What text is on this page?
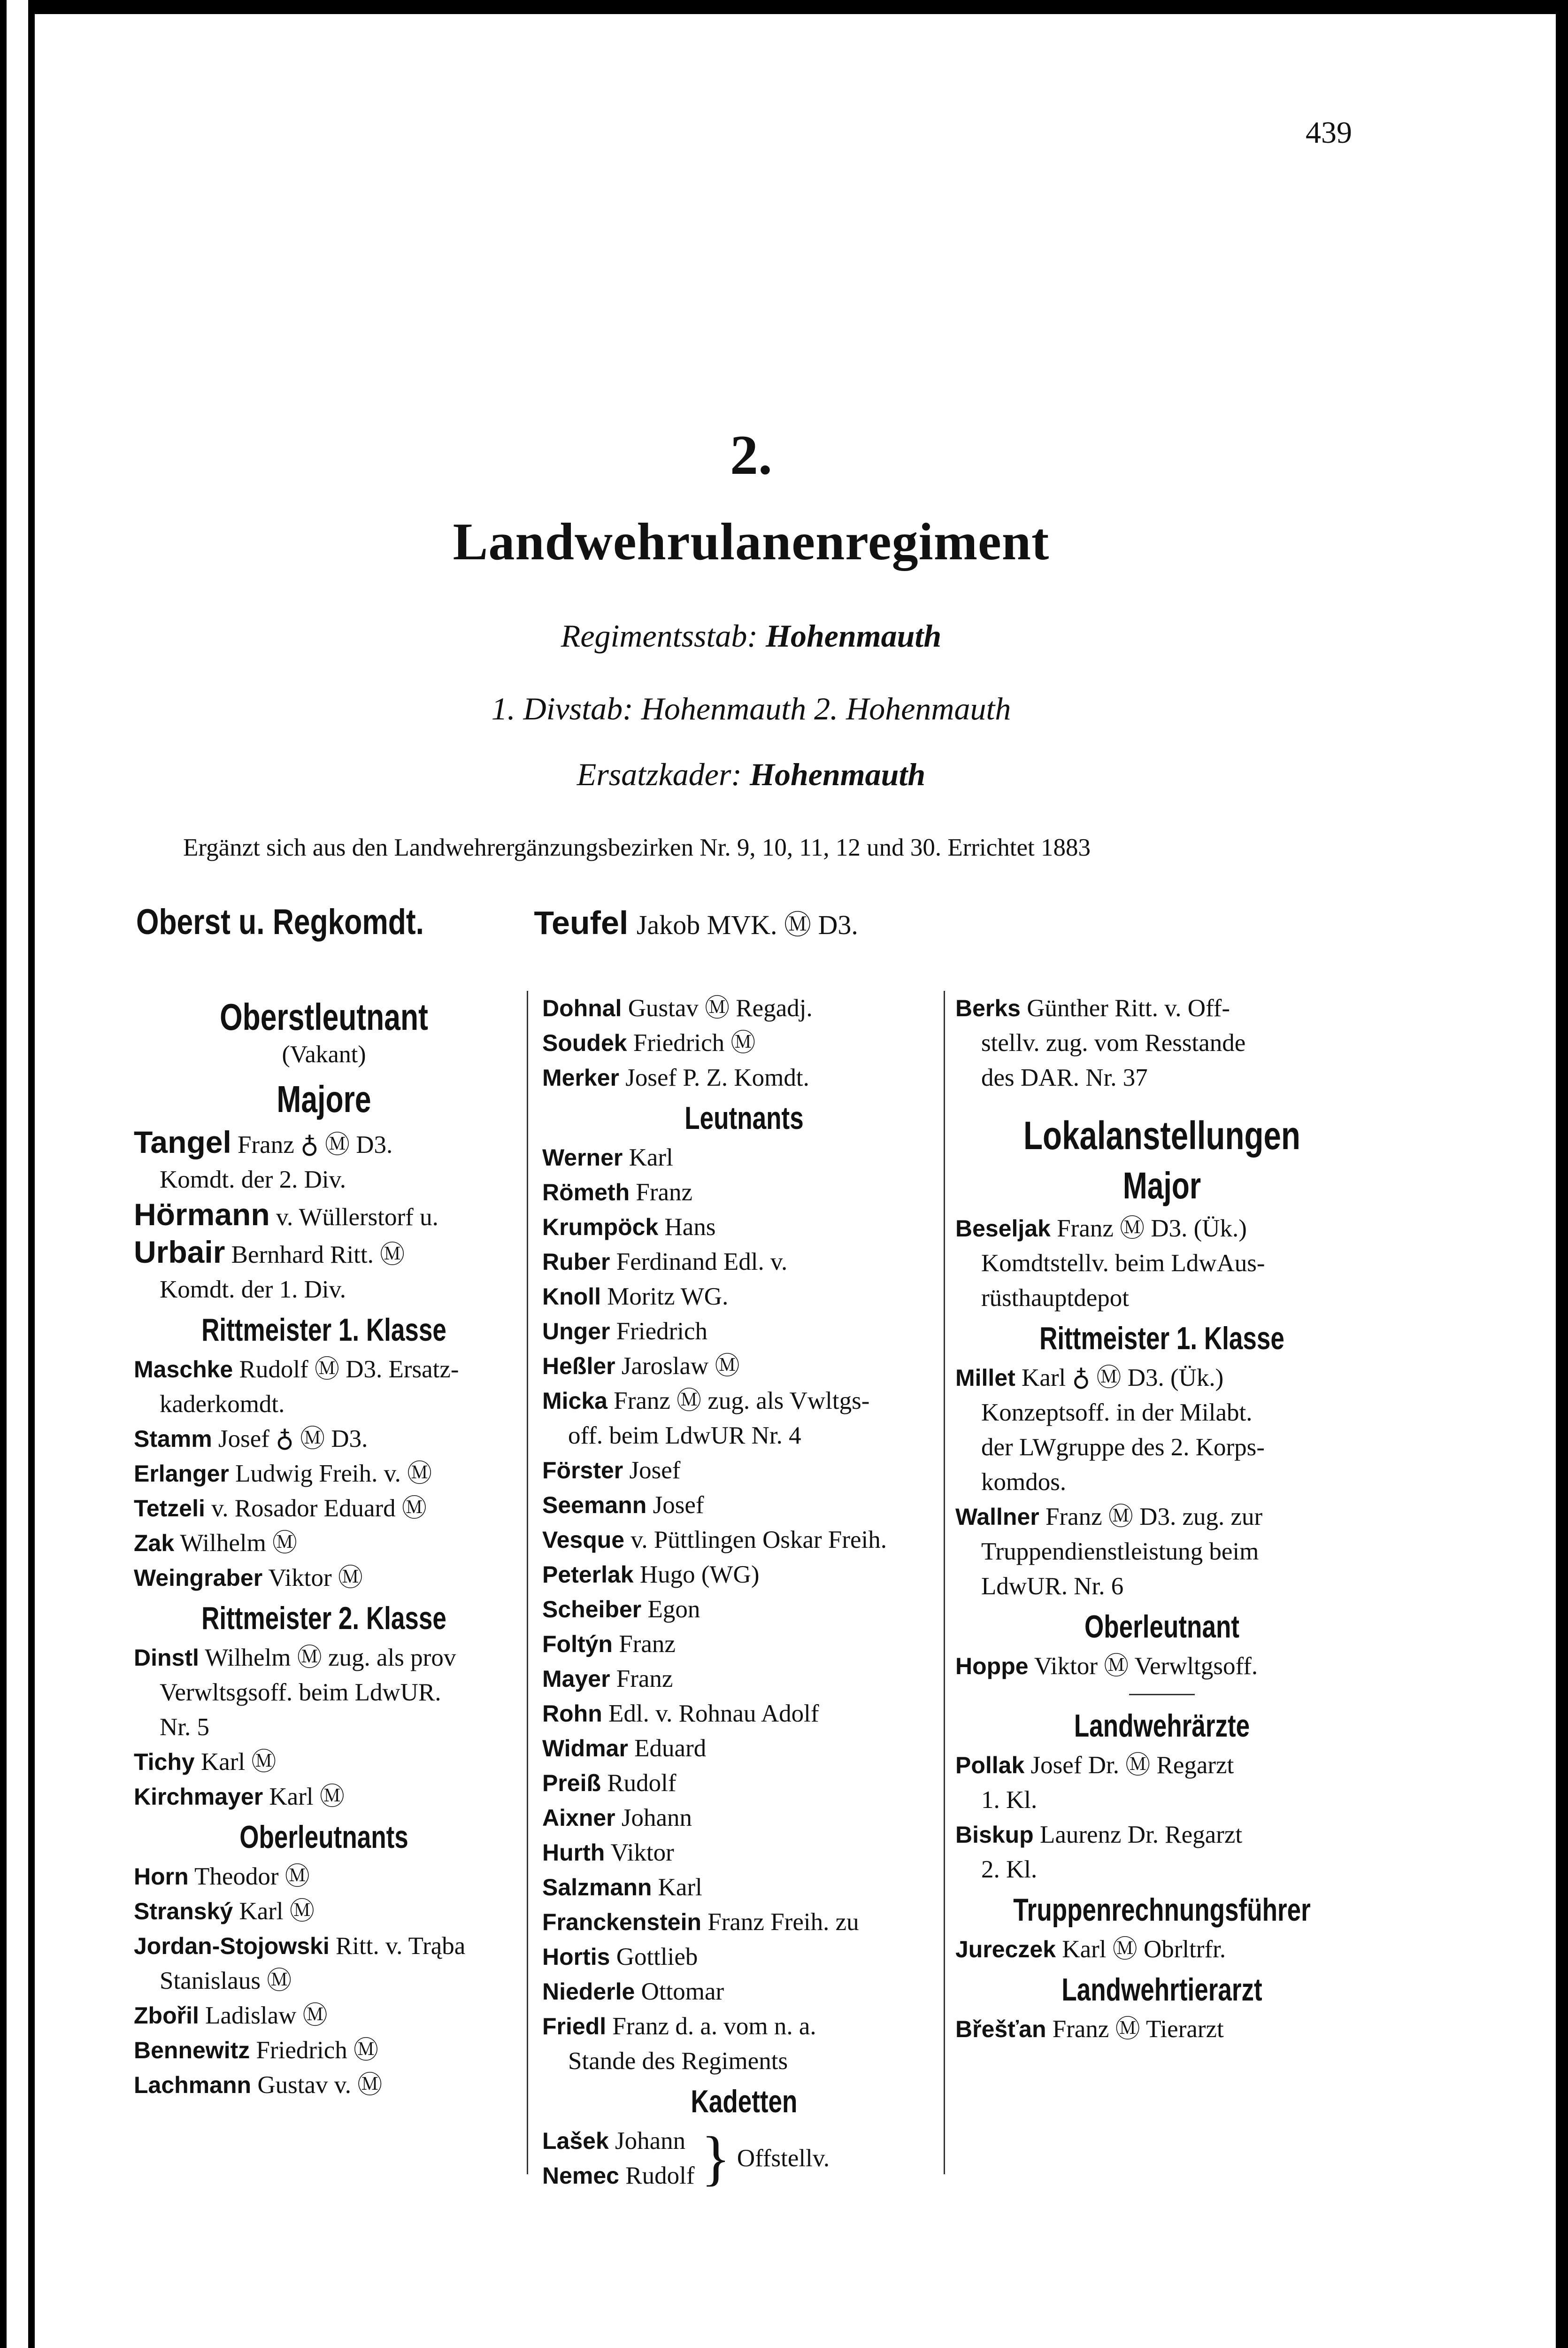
439
2.
Landwehrulanenregiment
Regimentsstab: Hohenmauth
1. Divstab: Hohenmauth 2. Hohenmauth
Ersatzkader: Hohenmauth
Ergänzt sich aus den Landwehrergänzungsbezirken Nr. 9, 10, 11, 12 und 30. Errichtet 1883
Oberst u. Regkomdt.	Teufel Jakob MVK. Ⓜ D3.
Oberstleutnant
(Vakant)
Majore
Tangel Franz ♁ Ⓜ D3.
Komdt. der 2. Div.
Hörmann v. Wüllerstorf u.
Urbair Bernhard Ritt. Ⓜ
Komdt. der 1. Div.
Rittmeister 1. Klasse
Maschke Rudolf Ⓜ D3. Ersatz-
kaderkomdt.
Stamm Josef ♁ Ⓜ D3.
Erlanger Ludwig Freih. v. Ⓜ
Tetzeli v. Rosador Eduard Ⓜ
Zak Wilhelm Ⓜ
Weingraber Viktor Ⓜ
Rittmeister 2. Klasse
Dinstl Wilhelm Ⓜ zug. als prov
Verwltsgsoff. beim LdwUR.
Nr. 5
Tichy Karl Ⓜ
Kirchmayer Karl Ⓜ
Oberleutnants
Horn Theodor Ⓜ
Stranský Karl Ⓜ
Jordan-Stojowski Ritt. v. Trąba
Stanislaus Ⓜ
Zbořil Ladislaw Ⓜ
Bennewitz Friedrich Ⓜ
Lachmann Gustav v. Ⓜ
Dohnal Gustav Ⓜ Regadj.
Soudek Friedrich Ⓜ
Merker Josef P. Z. Komdt.
Leutnants
Werner Karl
Römeth Franz
Krumpöck Hans
Ruber Ferdinand Edl. v.
Knoll Moritz WG.
Unger Friedrich
Heßler Jaroslaw Ⓜ
Micka Franz Ⓜ zug. als Vwltgs-
off. beim LdwUR Nr. 4
Förster Josef
Seemann Josef
Vesque v. Püttlingen Oskar Freih.
Peterlak Hugo (WG)
Scheiber Egon
Foltýn Franz
Mayer Franz
Rohn Edl. v. Rohnau Adolf
Widmar Eduard
Preiß Rudolf
Aixner Johann
Hurth Viktor
Salzmann Karl
Franckenstein Franz Freih. zu
Hortis Gottlieb
Niederle Ottomar
Friedl Franz d. a. vom n. a.
Stande des Regiments
Kadetten
Lašek Johann
Nemec Rudolf } Offstellv.
Berks Günther Ritt. v. Off-
stellv. zug. vom Resstande
des DAR. Nr. 37
Lokalanstellungen
Major
Beseljak Franz Ⓜ D3. (Ük.)
Komdtstellv. beim LdwAus-
rüsthauptdepot
Rittmeister 1. Klasse
Millet Karl ♁ Ⓜ D3. (Ük.)
Konzeptsoff. in der Milabt.
der LWgruppe des 2. Korps-
komdos.
Wallner Franz Ⓜ D3. zug. zur
Truppendienstleistung beim
LdwUR. Nr. 6
Oberleutnant
Hoppe Viktor Ⓜ Verwltgsoff.
Landwehrärzte
Pollak Josef Dr. Ⓜ Regarzt
1. Kl.
Biskup Laurenz Dr. Regarzt
2. Kl.
Truppenrechnungsführer
Jureczek Karl Ⓜ Obrltrfr.
Landwehrtierarzt
Břešťan Franz Ⓜ Tierarzt
